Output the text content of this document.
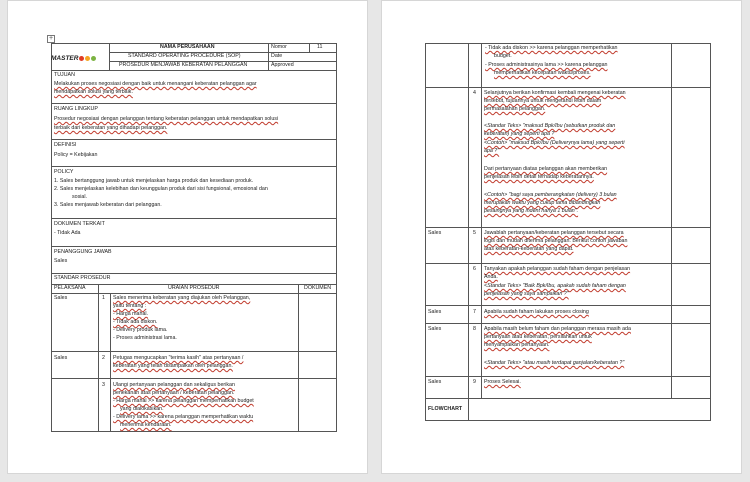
+
MASTER
NAMA PERUSAHAAN
STANDARD OPERATING PROCEDURE (SOP)
PROSEDUR MENJAWAB KEBERATAN PELANGGAN
Nomor	11
Date
Approved
TUJUAN
Melakukan proses negosiasi dengan baik untuk menangani keberatan pelanggan agar
mendapatkan solusi yang terbaik.
RUANG LINGKUP
Prosedur negosiasi dengan pelanggan tentang keberatan pelanggan untuk mendapatkan solusi
terbaik dari keberatan yang dihadapi pelanggan.
DEFINISI
Policy = Kebijakan
POLICY
1. Sales bertanggung jawab untuk menjelaskan harga produk dan kesediaan produk.
2. Sales menjelaskan kelebihan dan keunggulan produk dari sisi fungsional, emosional dan
sosial.
3. Sales menjawab keberatan dari pelanggan.
DOKUMEN TERKAIT
- Tidak Ada
PENANGGUNG JAWAB
Sales
STANDAR PROSEDUR
PELAKSANA	URAIAN PROSEDUR	DOKUMEN
Sales	1 Sales menerima keberatan yang diajukan oleh Pelanggan,
yaitu tentang :
- Harga mahal.
- Tidak ada diskon.
- Delivery produk lama.
- Proses administrasi lama.
Sales	2 Petugas mengucapkan "terima kasih" atas pertanyaan /
keberatan yang telah disampaikan oleh pelanggan.
3 Ulangi pertanyaan pelanggan dan sekaligus berikan
penekanan atas pertanyaan / keberatan pelanggan.
- Harga mahal >> karena pelanggan memperhatikan budget
yang dialokasikan.
- Delivery lama >> karena pelanggan memperhatikan waktu
menerima kendaraan.
- Tidak ada diskon >> karena pelanggan memperhatikan
budget.
- Proses administrasinya lama >> karena pelanggan
memperhatikan kecepatan waktu/proses.
4 Selanjutnya berikan konfirmasi kembali mengenai keberatan
tersebut, tujuannya untuk mengetahui lebih dalam
permasalahan pelanggan.
<Standar Teks> "maksud Bpk/Ibu (sebutkan produk dan
keberatan) yang seperti apa ?
<Contoh> "maksud Bpk/Ibu (Deliverynya lama) yang seperti
apa ?"
Dari pertanyaan diatas pelanggan akan memberikan
penjelasan lebih detail terhadap keberatannya.
<Contoh> "bagi saya pemberangkatan (delivery) 3 bulan
merupakan waktu yang cukup lama dibandingkan
pesaingnya yang indent hanya 1 bulan".
Sales	5 Jawablah pertanyaan/keberatan pelanggan tersebut secara
logis dan mudah diterima pelanggan. Berikut contoh jawaban
atas keberatan-keberatan yang dapat.
6 Tanyakan apakah pelanggan sudah faham dengan penjelasan
Anda.
<Standar Teks> "Baik Bpk/Ibu, apakah sudah faham dengan
penjelasan yang saya sampaikan ?"
Sales	7 Apabila sudah faham lakukan proses closing
Sales	8 Apabila masih belum faham dan pelanggan merasa masih ada
pertanyaan atau keberatan, persilahkan untuk
menyampaikan pertanyaan.
<Standar Teks> "atau masih terdapat ganjalan/keberatan ?"
Sales	9 Proses Selesai.
FLOWCHART
